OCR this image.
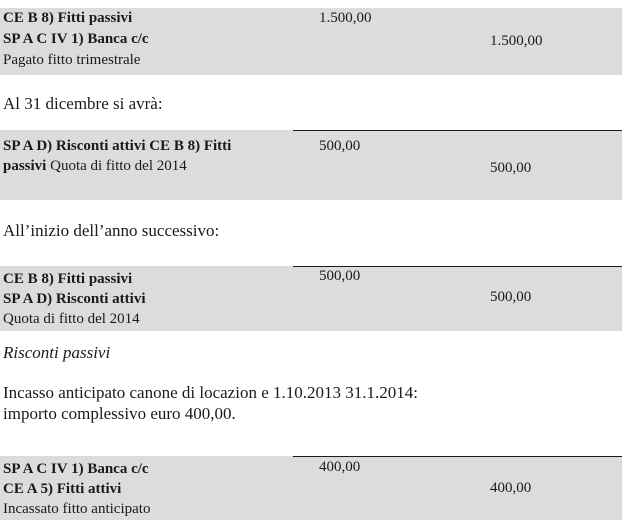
CE B 8) Fitti passivi
SP A C IV 1) Banca c/c
Pagato fitto trimestrale
1.500,00
1.500,00
Al 31 dicembre si avrà:
SP A D) Risconti attivi CE B 8) Fitti
passivi Quota di fitto del 2014
500,00
500,00
All’inizio dell’anno successivo:
CE B 8) Fitti passivi
SP A D) Risconti attivi
Quota di fitto del 2014
500,00
500,00
Risconti passivi
Incasso anticipato canone di locazion e 1.10.2013 31.1.2014:
importo complessivo euro 400,00.
SP A C IV 1) Banca c/c
CE A 5) Fitti attivi
Incassato fitto anticipato
400,00
400,00
